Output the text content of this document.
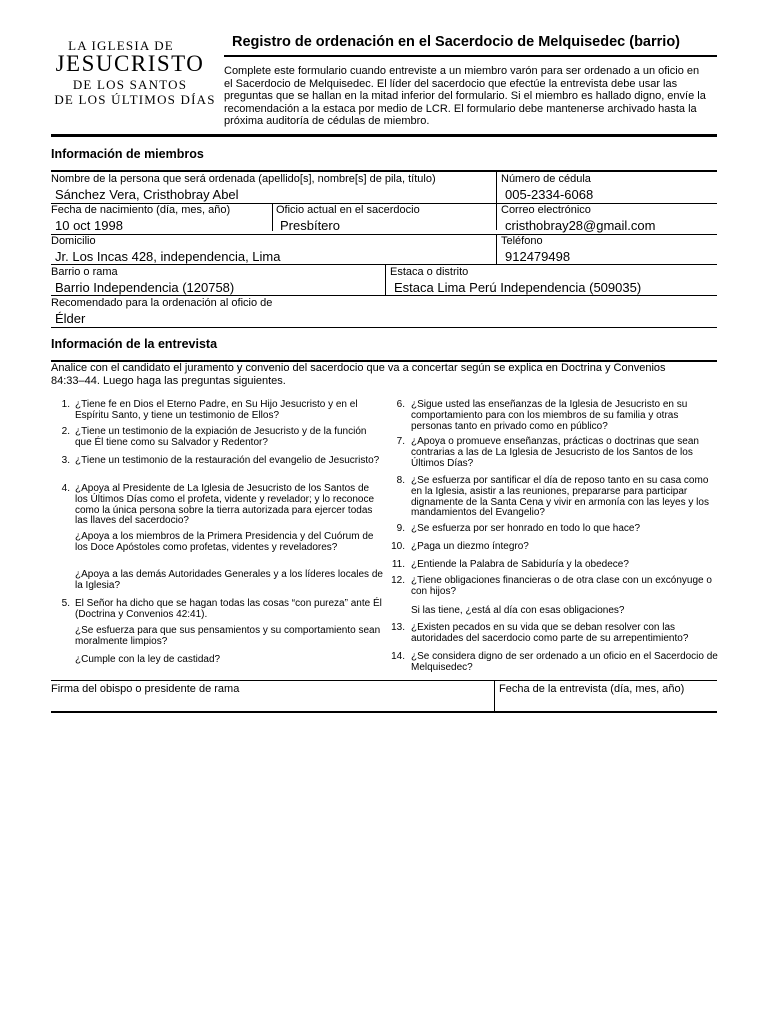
LA IGLESIA DE
JESUCRISTO
DE LOS SANTOS
DE LOS ÚLTIMOS DÍAS
Registro de ordenación en el Sacerdocio de Melquisedec (barrio)
Complete este formulario cuando entreviste a un miembro varón para ser ordenado a un oficio en el Sacerdocio de Melquisedec. El líder del sacerdocio que efectúe la entrevista debe usar las preguntas que se hallan en la mitad inferior del formulario. Si el miembro es hallado digno, envíe la recomendación a la estaca por medio de LCR. El formulario debe mantenerse archivado hasta la próxima auditoría de cédulas de miembro.
Información de miembros
Nombre de la persona que será ordenada (apellido[s], nombre[s] de pila, título)
Sánchez Vera, Cristhobray Abel
Número de cédula
005-2334-6068
Fecha de nacimiento (día, mes, año)
10 oct 1998
Oficio actual en el sacerdocio
Presbítero
Correo electrónico
cristhobray28@gmail.com
Domicilio
Jr. Los Incas 428, independencia, Lima
Teléfono
912479498
Barrio o rama
Barrio Independencia (120758)
Estaca o distrito
Estaca Lima Perú Independencia (509035)
Recomendado para la ordenación al oficio de
Élder
Información de la entrevista
Analice con el candidato el juramento y convenio del sacerdocio que va a concertar según se explica en Doctrina y Convenios 84:33–44. Luego haga las preguntas siguientes.
Firma del obispo o presidente de rama	Fecha de la entrevista (día, mes, año)
1. ¿Tiene fe en Dios el Eterno Padre, en Su Hijo Jesucristo y en el Espíritu Santo, y tiene un testimonio de Ellos?
2. ¿Tiene un testimonio de la expiación de Jesucristo y de la función que Él tiene como su Salvador y Redentor?
3. ¿Tiene un testimonio de la restauración del evangelio de Jesucristo?
4. ¿Apoya al Presidente de La Iglesia de Jesucristo de los Santos de los Últimos Días como el profeta, vidente y revelador; y lo reconoce como la única persona sobre la tierra autorizada para ejercer todas las llaves del sacerdocio?
¿Apoya a los miembros de la Primera Presidencia y del Cuórum de los Doce Apóstoles como profetas, videntes y reveladores?
¿Apoya a las demás Autoridades Generales y a los líderes locales de la Iglesia?
5. El Señor ha dicho que se hagan todas las cosas “con pureza” ante Él (Doctrina y Convenios 42:41).
¿Se esfuerza para que sus pensamientos y su comportamiento sean moralmente limpios?
¿Cumple con la ley de castidad?
6. ¿Sigue usted las enseñanzas de la Iglesia de Jesucristo en su comportamiento para con los miembros de su familia y otras personas tanto en privado como en público?
7. ¿Apoya o promueve enseñanzas, prácticas o doctrinas que sean contrarias a las de La Iglesia de Jesucristo de los Santos de los Últimos Días?
8. ¿Se esfuerza por santificar el día de reposo tanto en su casa como en la Iglesia, asistir a las reuniones, prepararse para participar dignamente de la Santa Cena y vivir en armonía con las leyes y los mandamientos del Evangelio?
9. ¿Se esfuerza por ser honrado en todo lo que hace?
10. ¿Paga un diezmo íntegro?
11. ¿Entiende la Palabra de Sabiduría y la obedece?
12. ¿Tiene obligaciones financieras o de otra clase con un excónyuge o con hijos?
Si las tiene, ¿está al día con esas obligaciones?
13. ¿Existen pecados en su vida que se deban resolver con las autoridades del sacerdocio como parte de su arrepentimiento?
14. ¿Se considera digno de ser ordenado a un oficio en el Sacerdocio de Melquisedec?
